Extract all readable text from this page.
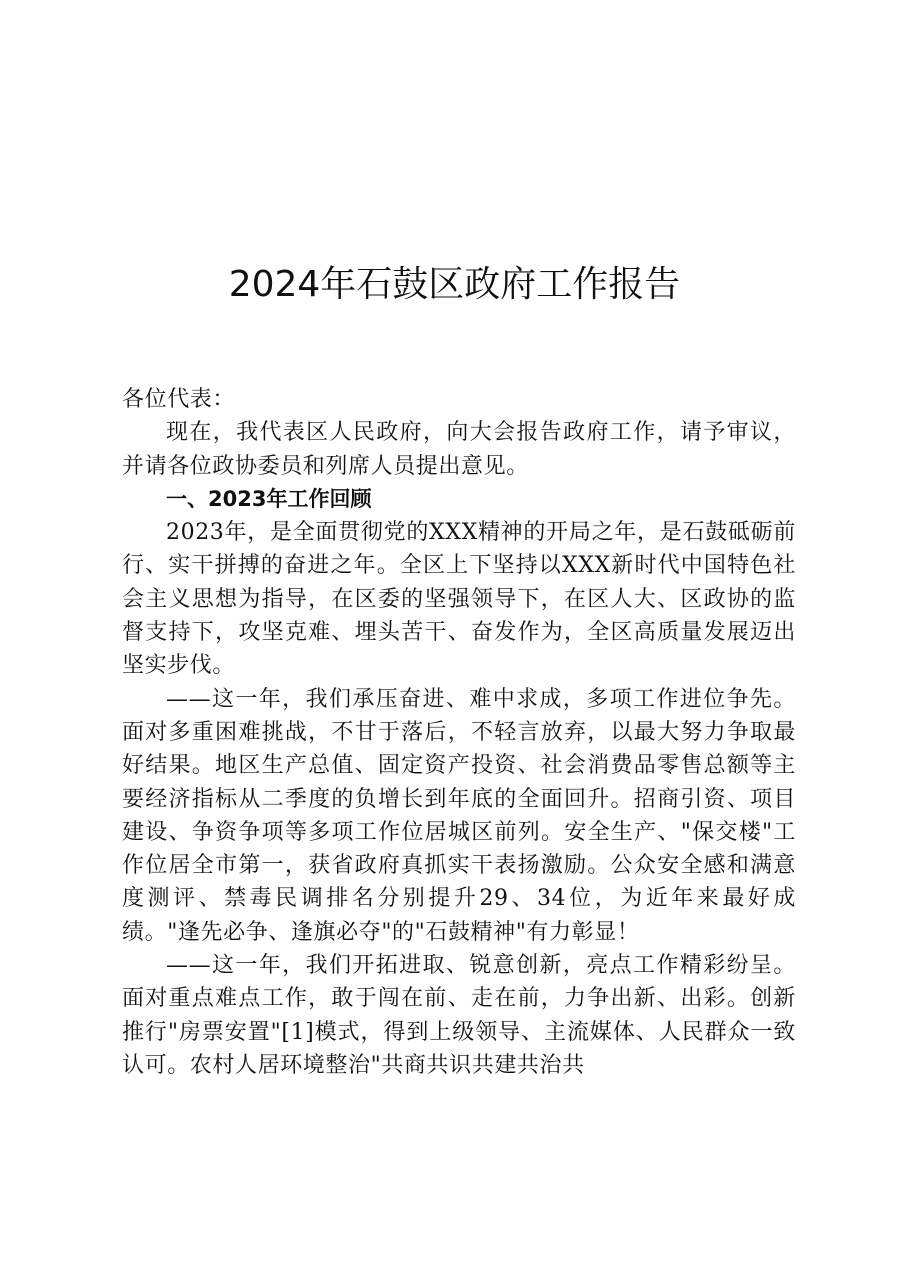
2024年石鼓区政府工作报告

各位代表：

现在，我代表区人民政府，向大会报告政府工作，请予审议，并请各位政协委员和列席人员提出意见。

一、2023年工作回顾

2023年，是全面贯彻党的XXX精神的开局之年，是石鼓砥砺前行、实干拼搏的奋进之年。全区上下坚持以XXX新时代中国特色社会主义思想为指导，在区委的坚强领导下，在区人大、区政协的监督支持下，攻坚克难、埋头苦干、奋发作为，全区高质量发展迈出坚实步伐。

——这一年，我们承压奋进、难中求成，多项工作进位争先。面对多重困难挑战，不甘于落后，不轻言放弃，以最大努力争取最好结果。地区生产总值、固定资产投资、社会消费品零售总额等主要经济指标从二季度的负增长到年底的全面回升。招商引资、项目建设、争资争项等多项工作位居城区前列。安全生产、"保交楼"工作位居全市第一，获省政府真抓实干表扬激励。公众安全感和满意度测评、禁毒民调排名分别提升29、34位，为近年来最好成绩。"逢先必争、逢旗必夺"的"石鼓精神"有力彰显！

——这一年，我们开拓进取、锐意创新，亮点工作精彩纷呈。面对重点难点工作，敢于闯在前、走在前，力争出新、出彩。创新推行"房票安置"[1]模式，得到上级领导、主流媒体、人民群众一致认可。农村人居环境整治"共商共识共建共治共
